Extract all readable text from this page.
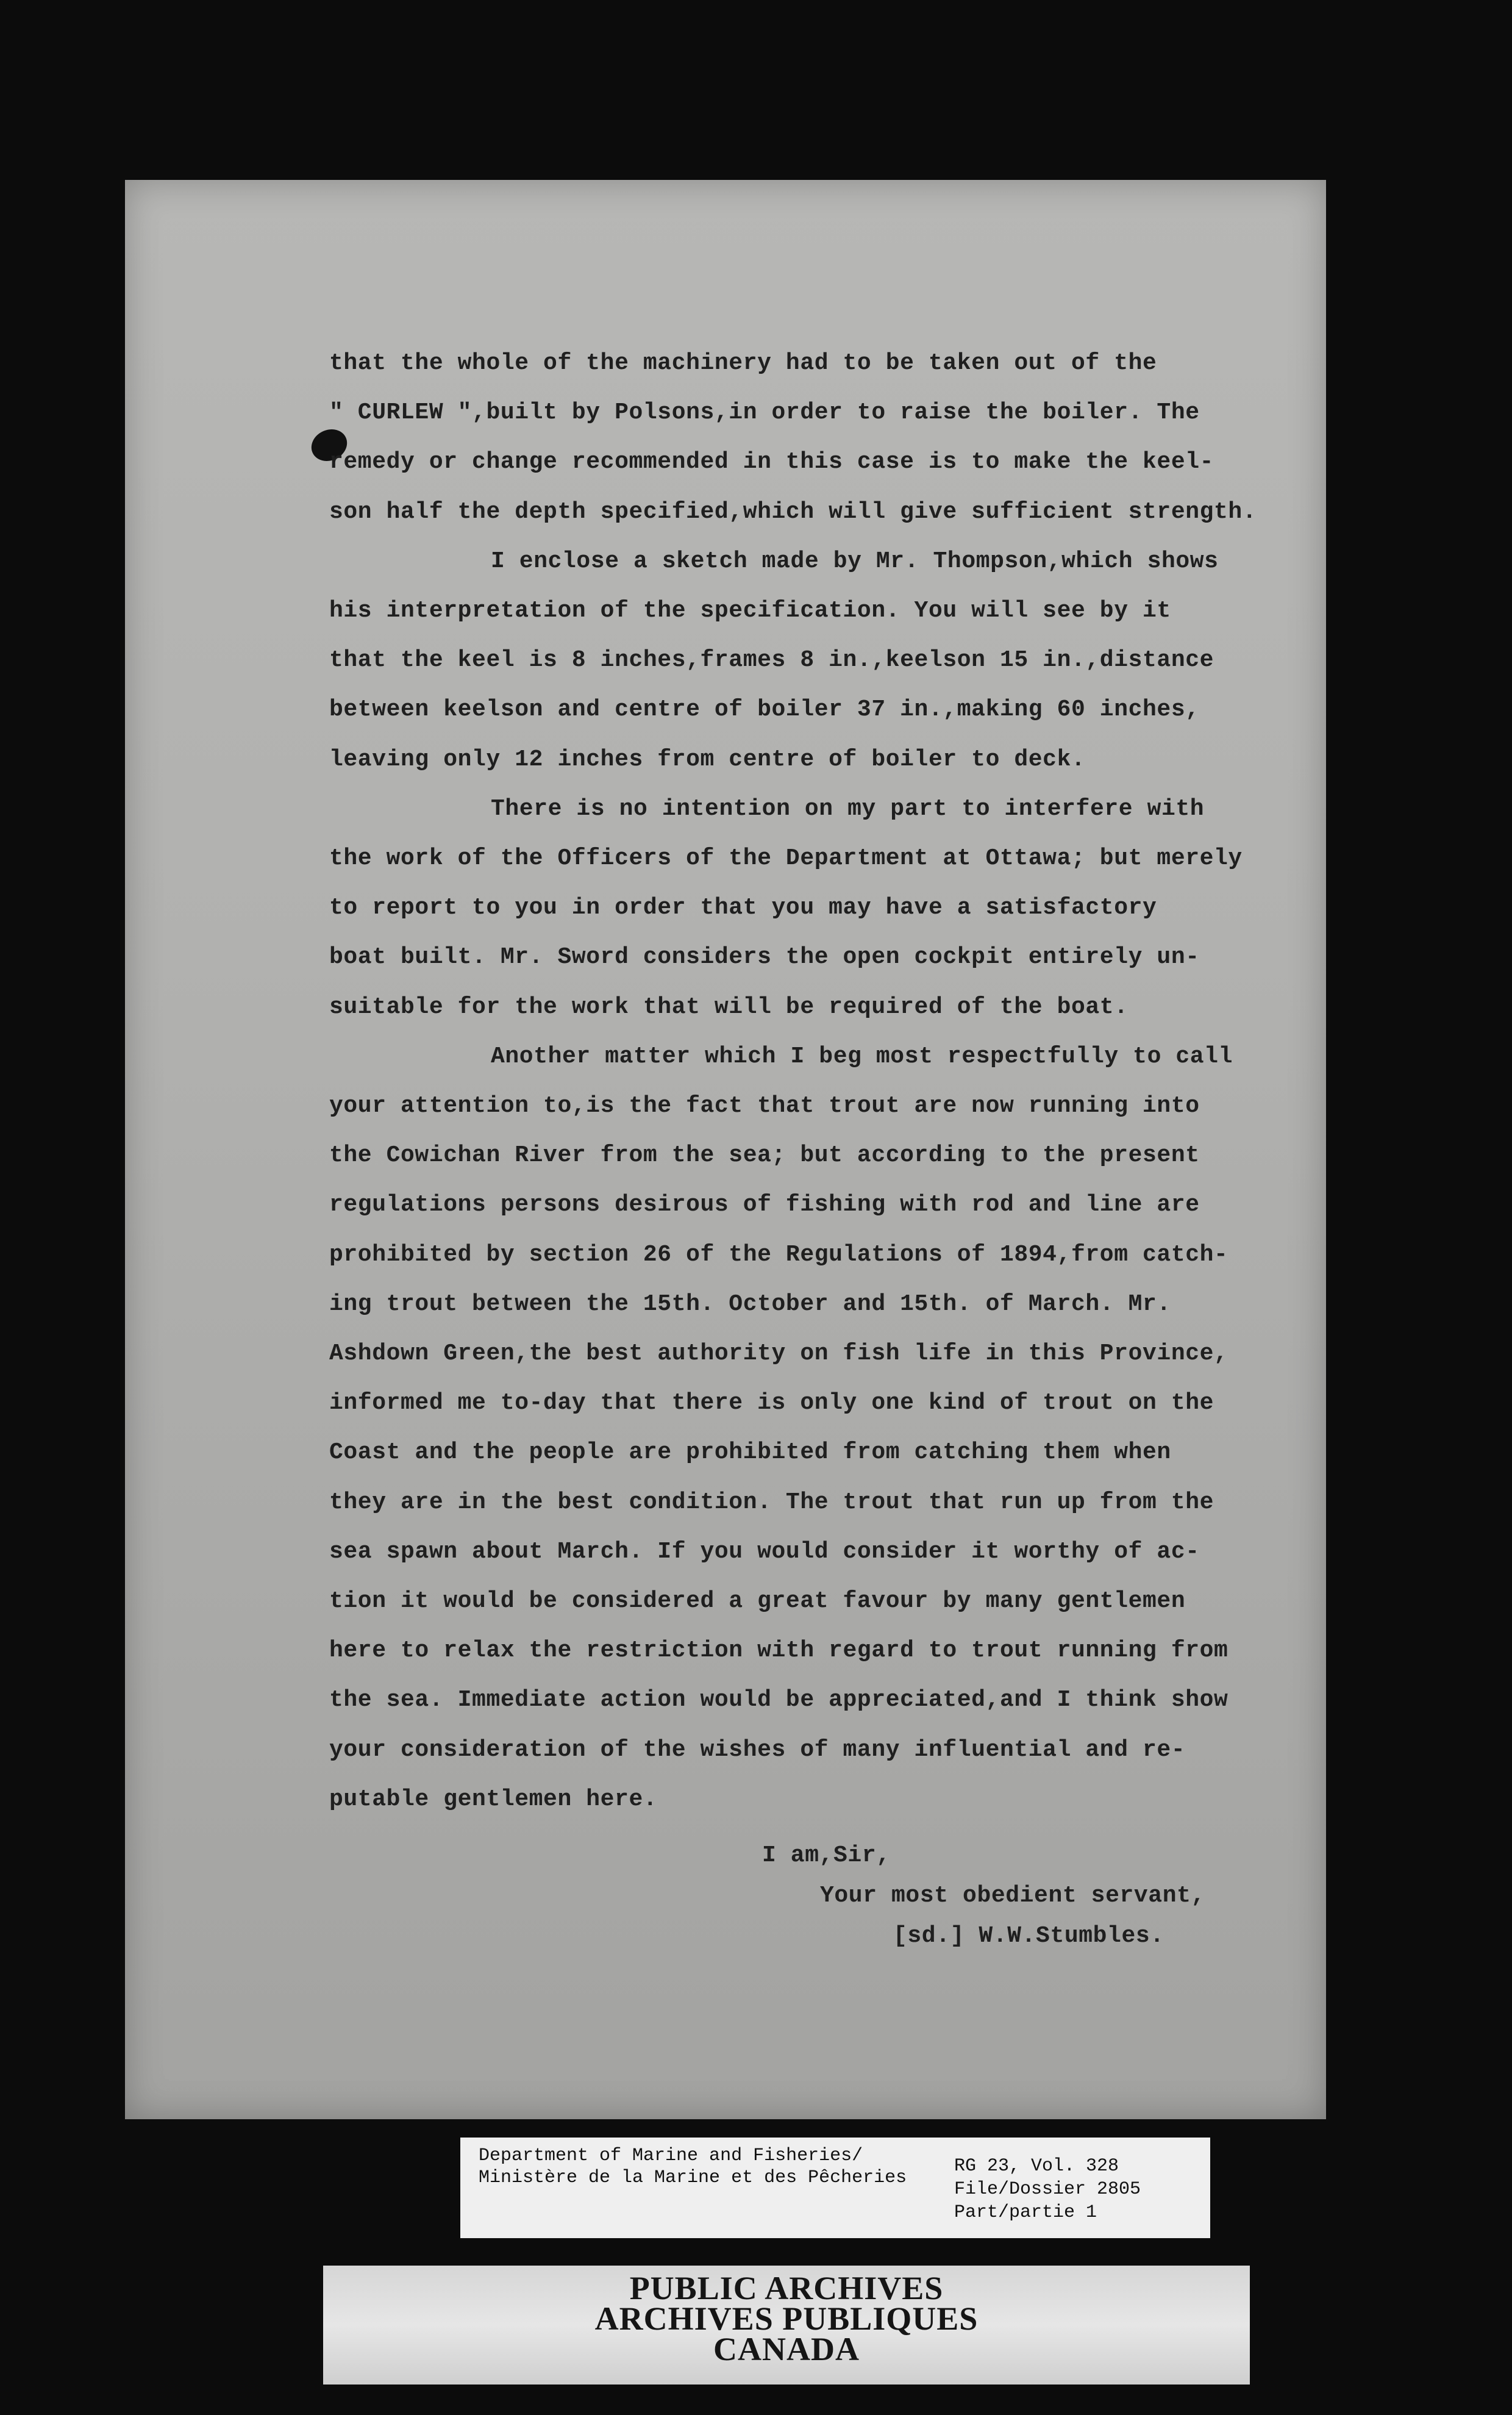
that the whole of the machinery had to be taken out of the
" CURLEW ",built by Polsons,in order to raise the boiler. The
remedy or change recommended in this case is to make the keel-
son half the depth specified,which will give sufficient strength.
I enclose a sketch made by Mr. Thompson,which shows
his interpretation of the specification. You will see by it
that the keel is 8 inches,frames 8 in.,keelson 15 in.,distance
between keelson and centre of boiler 37 in.,making 60 inches,
leaving only 12 inches from centre of boiler to deck.
There is no intention on my part to interfere with
the work of the Officers of the Department at Ottawa; but merely
to report to you in order that you may have a satisfactory
boat built. Mr. Sword considers the open cockpit entirely un-
suitable for the work that will be required of the boat.
Another matter which I beg most respectfully to call
your attention to,is the fact that trout are now running into
the Cowichan River from the sea; but according to the present
regulations persons desirous of fishing with rod and line are
prohibited by section 26 of the Regulations of 1894,from catch-
ing trout between the 15th. October and 15th. of March. Mr.
Ashdown Green,the best authority on fish life in this Province,
informed me to-day that there is only one kind of trout on the
Coast and the people are prohibited from catching them when
they are in the best condition. The trout that run up from the
sea spawn about March. If you would consider it worthy of ac-
tion it would be considered a great favour by many gentlemen
here to relax the restriction with regard to trout running from
the sea. Immediate action would be appreciated,and I think show
your consideration of the wishes of many influential and re-
putable gentlemen here.
I am,Sir,
Your most obedient servant,
[sd.] W.W.Stumbles.
Department of Marine and Fisheries/
Ministère de la Marine et des Pêcheries
RG 23, Vol. 328
File/Dossier 2805
Part/partie 1
PUBLIC ARCHIVES
ARCHIVES PUBLIQUES
CANADA
